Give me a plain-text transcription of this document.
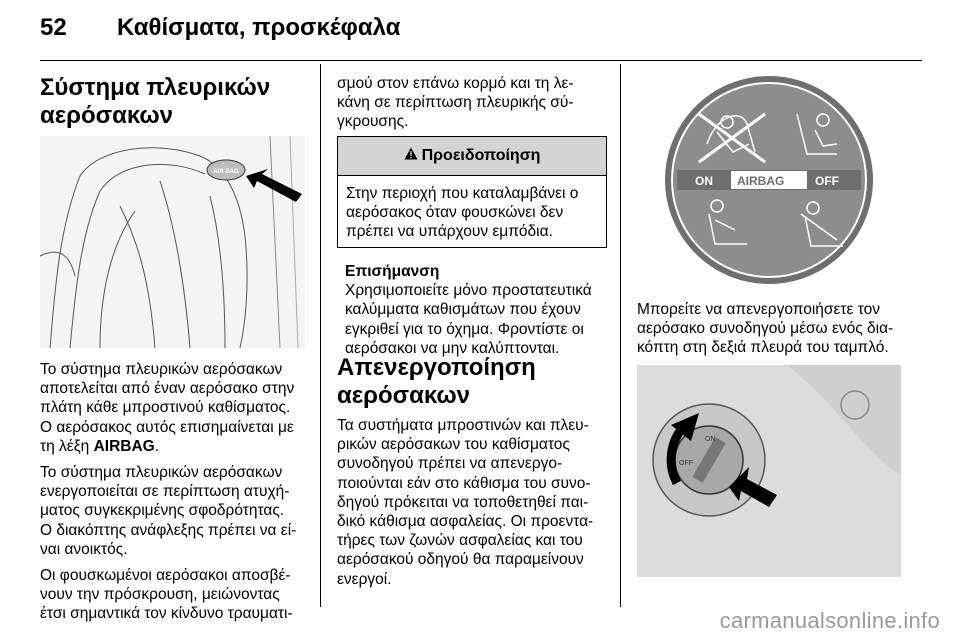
52 Καθίσματα, προσκέφαλα

Σύστημα πλευρικών
αερόσακων

AIR BAG

Το σύστημα πλευρικών αερόσακων
αποτελείται από έναν αερόσακο στην
πλάτη κάθε μπροστινού καθίσματος.
Ο αερόσακος αυτός επισημαίνεται με
τη λέξη AIRBAG.

Το σύστημα πλευρικών αερόσακων
ενεργοποιείται σε περίπτωση ατυχή-
ματος συγκεκριμένης σφοδρότητας.
Ο διακόπτης ανάφλεξης πρέπει να εί-
ναι ανοικτός.

Οι φουσκωμένοι αερόσακοι αποσβέ-
νουν την πρόσκρουση, μειώνοντας
έτσι σημαντικά τον κίνδυνο τραυματι-

σμού στον επάνω κορμό και τη λε-
κάνη σε περίπτωση πλευρικής σύ-
γκρουσης.

Προειδοποίηση
Στην περιοχή που καταλαμβάνει ο
αερόσακος όταν φουσκώνει δεν
πρέπει να υπάρχουν εμπόδια.

Επισήμανση

Χρησιμοποιείτε μόνο προστατευτικά
καλύμματα καθισμάτων που έχουν
εγκριθεί για το όχημα. Φροντίστε οι
αερόσακοι να μην καλύπτονται.

Απενεργοποίηση
αερόσακων

Τα συστήματα μπροστινών και πλευ-
ρικών αερόσακων του καθίσματος
συνοδηγού πρέπει να απενεργο-
ποιούνται εάν στο κάθισμα του συνο-
δηγού πρόκειται να τοποθετηθεί παι-
δικό κάθισμα ασφαλείας. Οι προεντα-
τήρες των ζωνών ασφαλείας και του
αερόσακού οδηγού θα παραμείνουν
ενεργοί.

ON AIRBAG	OFF

Μπορείτε να απενεργοποιήσετε τον
αερόσακο συνοδηγού μέσω ενός δια-
κόπτη στη δεξιά πλευρά του ταμπλό.

ON
OFF
carmanualsonline.info
